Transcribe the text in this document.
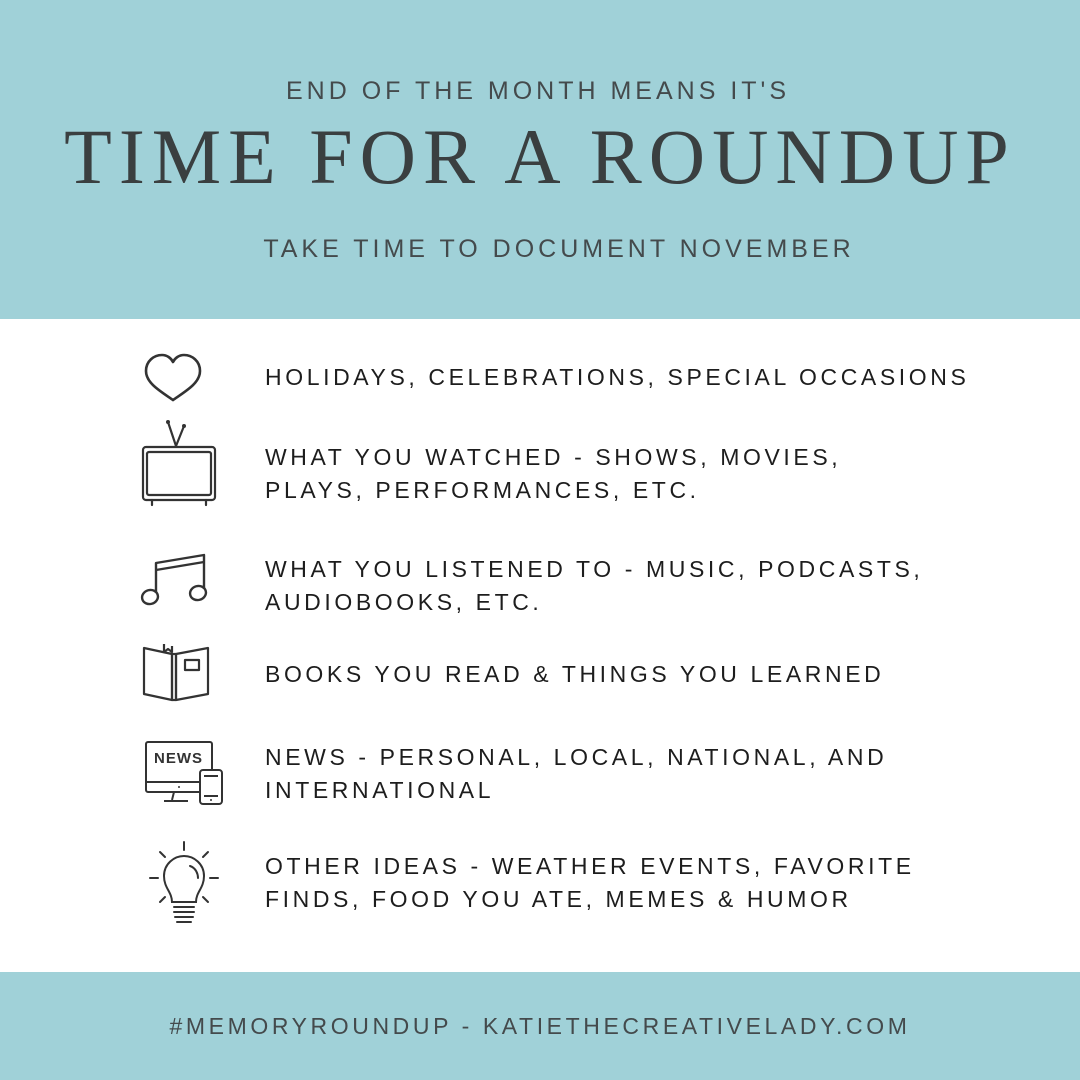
END OF THE MONTH MEANS IT'S

TIME FOR A ROUNDUP

TAKE TIME TO DOCUMENT NOVEMBER

HOLIDAYS, CELEBRATIONS, SPECIAL OCCASIONS
WHAT YOU WATCHED - SHOWS, MOVIES,
PLAYS, PERFORMANCES, ETC.
WHAT YOU LISTENED TO - MUSIC, PODCASTS,
AUDIOBOOKS, ETC.
BOOKS YOU READ & THINGS YOU LEARNED
NEWS	NEWS - PERSONAL, LOCAL, NATIONAL, AND
INTERNATIONAL
OTHER IDEAS - WEATHER EVENTS, FAVORITE
FINDS, FOOD YOU ATE, MEMES & HUMOR
#MEMORYROUNDUP - KATIETHECREATIVELADY.COM
